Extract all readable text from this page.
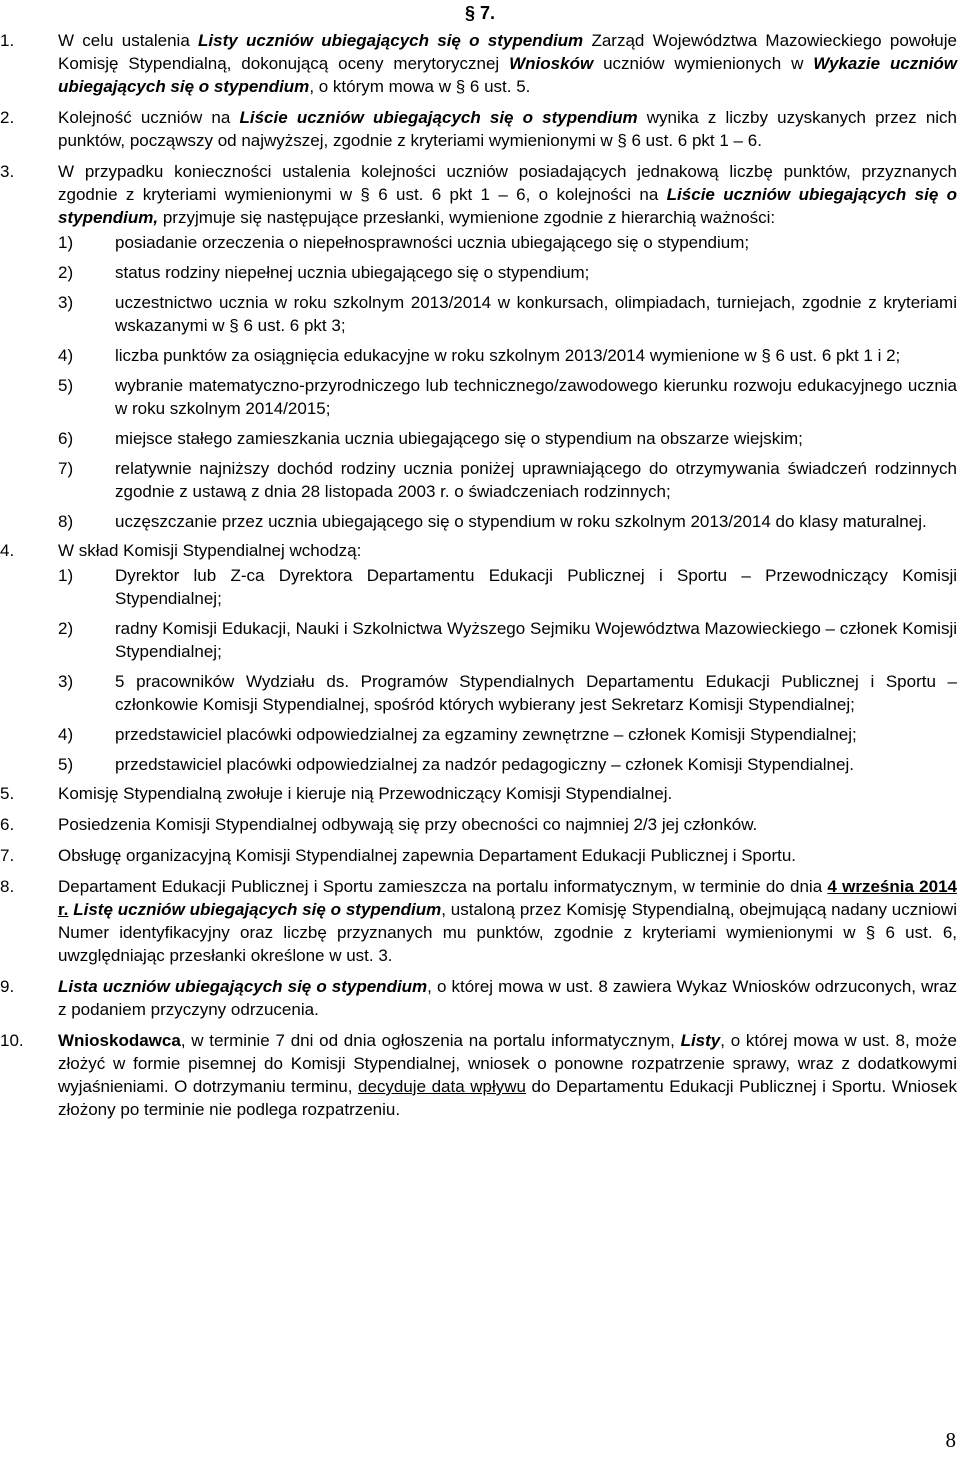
§ 7.
1.	W celu ustalenia Listy uczniów ubiegających się o stypendium Zarząd Województwa Mazowieckiego powołuje Komisję Stypendialną, dokonującą oceny merytorycznej Wniosków uczniów wymienionych w Wykazie uczniów ubiegających się o stypendium, o którym mowa w § 6 ust. 5.
2.	Kolejność uczniów na Liście uczniów ubiegających się o stypendium wynika z liczby uzyskanych przez nich punktów, począwszy od najwyższej, zgodnie z kryteriami wymienionymi w § 6 ust. 6 pkt 1 – 6.
3.	W przypadku konieczności ustalenia kolejności uczniów posiadających jednakową liczbę punktów, przyznanych zgodnie z kryteriami wymienionymi w § 6 ust. 6 pkt 1 – 6, o kolejności na Liście uczniów ubiegających się o stypendium, przyjmuje się następujące przesłanki, wymienione zgodnie z hierarchią ważności:
1) posiadanie orzeczenia o niepełnosprawności ucznia ubiegającego się o stypendium;
2) status rodziny niepełnej ucznia ubiegającego się o stypendium;
3) uczestnictwo ucznia w roku szkolnym 2013/2014 w konkursach, olimpiadach, turniejach, zgodnie z kryteriami wskazanymi w § 6 ust. 6 pkt 3;
4) liczba punktów za osiągnięcia edukacyjne w roku szkolnym 2013/2014 wymienione w § 6 ust. 6 pkt 1 i 2;
5) wybranie matematyczno-przyrodniczego lub technicznego/zawodowego kierunku rozwoju edukacyjnego ucznia w roku szkolnym 2014/2015;
6) miejsce stałego zamieszkania ucznia ubiegającego się o stypendium na obszarze wiejskim;
7) relatywnie najniższy dochód rodziny ucznia poniżej uprawniającego do otrzymywania świadczeń rodzinnych zgodnie z ustawą z dnia 28 listopada 2003 r. o świadczeniach rodzinnych;
8) uczęszczanie przez ucznia ubiegającego się o stypendium w roku szkolnym 2013/2014 do klasy maturalnej.
4.	W skład Komisji Stypendialnej wchodzą:
1) Dyrektor lub Z-ca Dyrektora Departamentu Edukacji Publicznej i Sportu – Przewodniczący Komisji Stypendialnej;
2) radny Komisji Edukacji, Nauki i Szkolnictwa Wyższego Sejmiku Województwa Mazowieckiego – członek Komisji Stypendialnej;
3) 5 pracowników Wydziału ds. Programów Stypendialnych Departamentu Edukacji Publicznej i Sportu – członkowie Komisji Stypendialnej, spośród których wybierany jest Sekretarz Komisji Stypendialnej;
4) przedstawiciel placówki odpowiedzialnej za egzaminy zewnętrzne – członek Komisji Stypendialnej;
5) przedstawiciel placówki odpowiedzialnej za nadzór pedagogiczny – członek Komisji Stypendialnej.
5.	Komisję Stypendialną zwołuje i kieruje nią Przewodniczący Komisji Stypendialnej.
6.	Posiedzenia Komisji Stypendialnej odbywają się przy obecności co najmniej 2/3 jej członków.
7.	Obsługę organizacyjną Komisji Stypendialnej zapewnia Departament Edukacji Publicznej i Sportu.
8.	Departament Edukacji Publicznej i Sportu zamieszcza na portalu informatycznym, w terminie do dnia 4 września 2014 r. Listę uczniów ubiegających się o stypendium, ustaloną przez Komisję Stypendialną, obejmującą nadany uczniowi Numer identyfikacyjny oraz liczbę przyznanych mu punktów, zgodnie z kryteriami wymienionymi w § 6 ust. 6, uwzględniając przesłanki określone w ust. 3.
9.	Lista uczniów ubiegających się o stypendium, o której mowa w ust. 8 zawiera Wykaz Wniosków odrzuconych, wraz z podaniem przyczyny odrzucenia.
10. Wnioskodawca, w terminie 7 dni od dnia ogłoszenia na portalu informatycznym, Listy, o której mowa w ust. 8, może złożyć w formie pisemnej do Komisji Stypendialnej, wniosek o ponowne rozpatrzenie sprawy, wraz z dodatkowymi wyjaśnieniami. O dotrzymaniu terminu, decyduje data wpływu do Departamentu Edukacji Publicznej i Sportu. Wniosek złożony po terminie nie podlega rozpatrzeniu.
8
